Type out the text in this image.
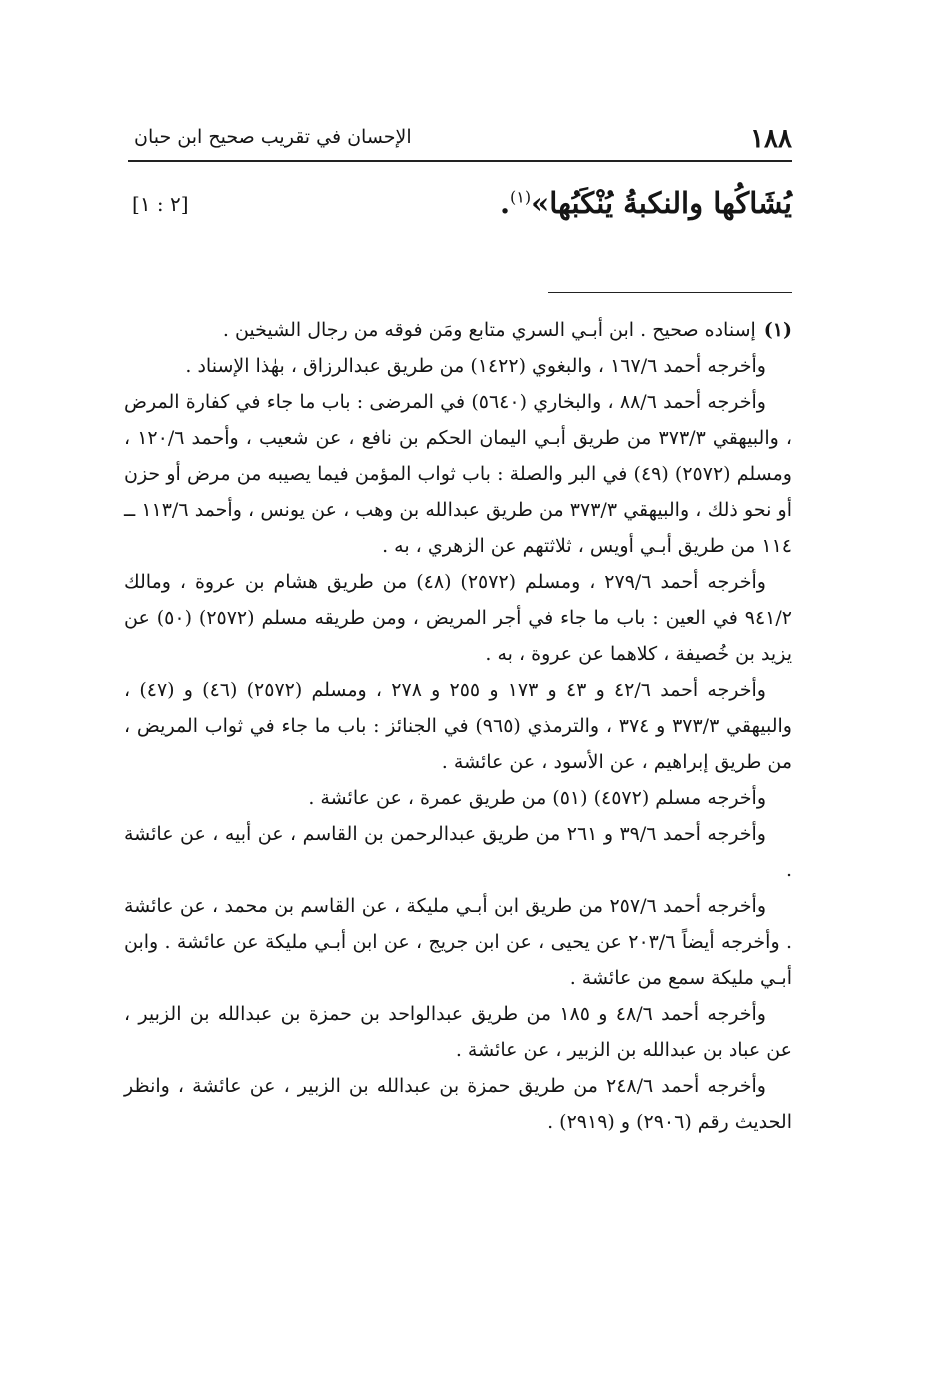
١٨٨
الإحسان في تقريب صحيح ابن حبان
يُشَاكُها والنكبةُ يُنْكَبُها»$^{(١)}$.
[٢ : ١]

(١)إسناده صحيح . ابن أبـي السري متابع ومَن فوقه من رجال الشيخين .

وأخرجه أحمد ١٦٧/٦ ، والبغوي (١٤٢٢) من طريق عبدالرزاق ، بهٰذا الإسناد .

وأخرجه أحمد ٨٨/٦ ، والبخاري (٥٦٤٠) في المرضى : باب ما جاء في كفارة المرض ، والبيهقي ٣٧٣/٣ من طريق أبـي اليمان الحكم بن نافع ، عن شعيب ، وأحمد ١٢٠/٦ ، ومسلم (٢٥٧٢) (٤٩) في البر والصلة : باب ثواب المؤمن فيما يصيبه من مرض أو حزن أو نحو ذلك ، والبيهقي ٣٧٣/٣ من طريق عبدالله بن وهب ، عن يونس ، وأحمد ١١٣/٦ ــ ١١٤ من طريق أبـي أويس ، ثلاثتهم عن الزهري ، به .

وأخرجه أحمد ٢٧٩/٦ ، ومسلم (٢٥٧٢) (٤٨) من طريق هشام بن عروة ، ومالك ٩٤١/٢ في العين : باب ما جاء في أجر المريض ، ومن طريقه مسلم (٢٥٧٢) (٥٠) عن يزيد بن خُصيفة ، كلاهما عن عروة ، به .

وأخرجه أحمد ٤٢/٦ و ٤٣ و ١٧٣ و ٢٥٥ و ٢٧٨ ، ومسلم (٢٥٧٢) (٤٦) و (٤٧) ، والبيهقي ٣٧٣/٣ و ٣٧٤ ، والترمذي (٩٦٥) في الجنائز : باب ما جاء في ثواب المريض ، من طريق إبراهيم ، عن الأسود ، عن عائشة .

وأخرجه مسلم (٤٥٧٢) (٥١) من طريق عمرة ، عن عائشة .

وأخرجه أحمد ٣٩/٦ و ٢٦١ من طريق عبدالرحمن بن القاسم ، عن أبيه ، عن عائشة .

وأخرجه أحمد ٢٥٧/٦ من طريق ابن أبـي مليكة ، عن القاسم بن محمد ، عن عائشة . وأخرجه أيضاً ٢٠٣/٦ عن يحيى ، عن ابن جريج ، عن ابن أبـي مليكة عن عائشة . وابن أبـي مليكة سمع من عائشة .

وأخرجه أحمد ٤٨/٦ و ١٨٥ من طريق عبدالواحد بن حمزة بن عبدالله بن الزبير ، عن عباد بن عبدالله بن الزبير ، عن عائشة .

وأخرجه أحمد ٢٤٨/٦ من طريق حمزة بن عبدالله بن الزبير ، عن عائشة ، وانظر الحديث رقم (٢٩٠٦) و (٢٩١٩) .
